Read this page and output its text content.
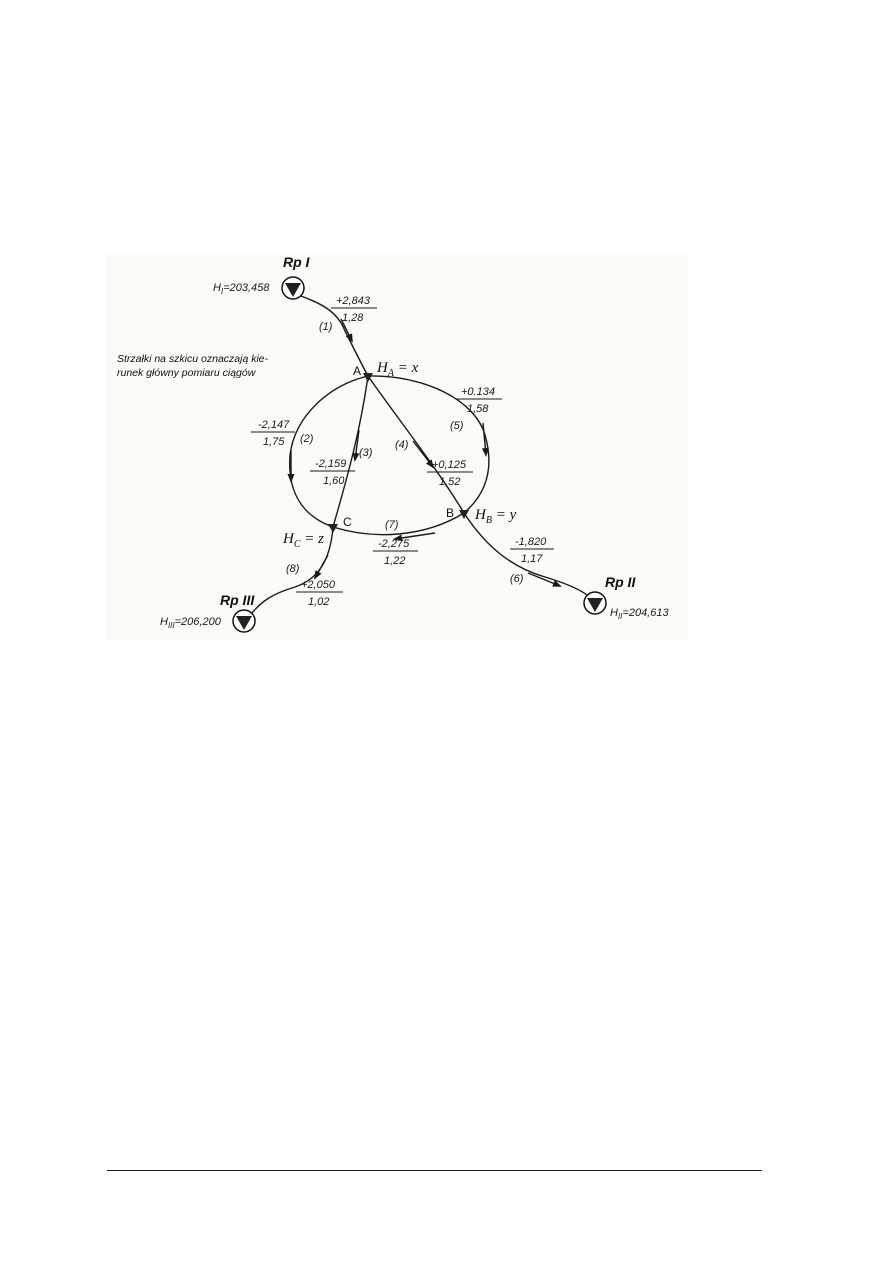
Rp I
$H_I=203,458$
Rp II
$H_{II}=204,613$
Rp III
$H_{III}=206,200$
A $H_A = x$
B $H_B = y$
C
$H_C = z$
Strzałki na szkicu oznaczają kie-
runek główny pomiaru ciągów
(1)
+2,843
1,28
(2)
-2,147
1,75
(3)
-2,159
1,60
(4)
+0,125
1,52
(5)
+0.134
1,58
(6)
-1,820
1,17
(7)
-2,275
1,22
(8)
+2,050
1,02
